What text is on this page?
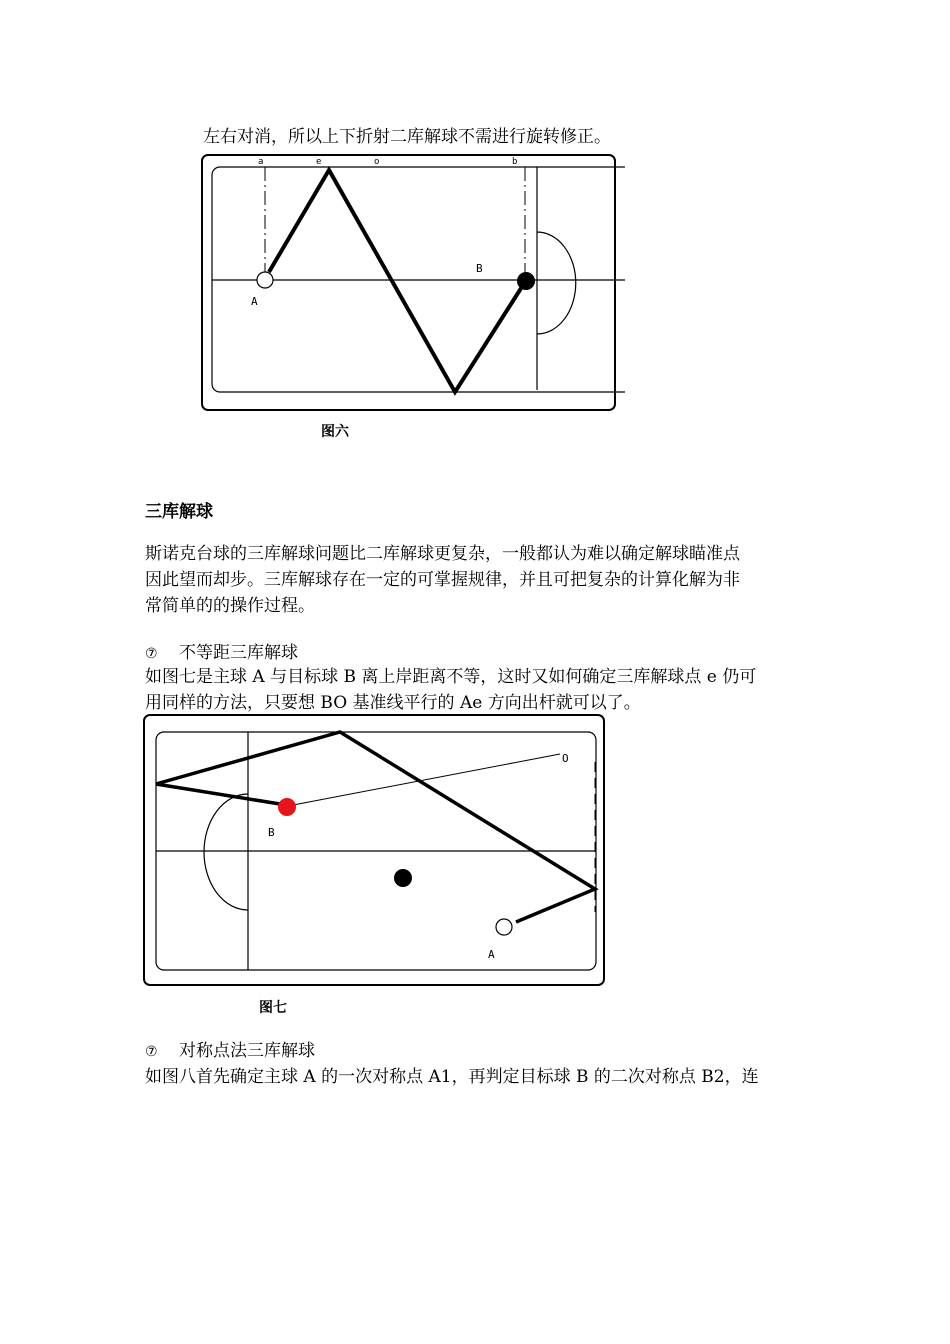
左右对消，所以上下折射二库解球不需进行旋转修正。

a	e	o	b
A
B
图六
三库解球

斯诺克台球的三库解球问题比二库解球更复杂，一般都认为难以确定解球瞄准点

因此望而却步。三库解球存在一定的可掌握规律，并且可把复杂的计算化解为非

常简单的的操作过程。

⑦ 不等距三库解球

如图七是主球 A 与目标球 B 离上岸距离不等，这时又如何确定三库解球点 e 仍可

用同样的方法，只要想 BO 基准线平行的 Ae 方向出杆就可以了。

O
B
A
图七

⑦ 对称点法三库解球

如图八首先确定主球 A 的一次对称点 A1，再判定目标球 B 的二次对称点 B2，连
